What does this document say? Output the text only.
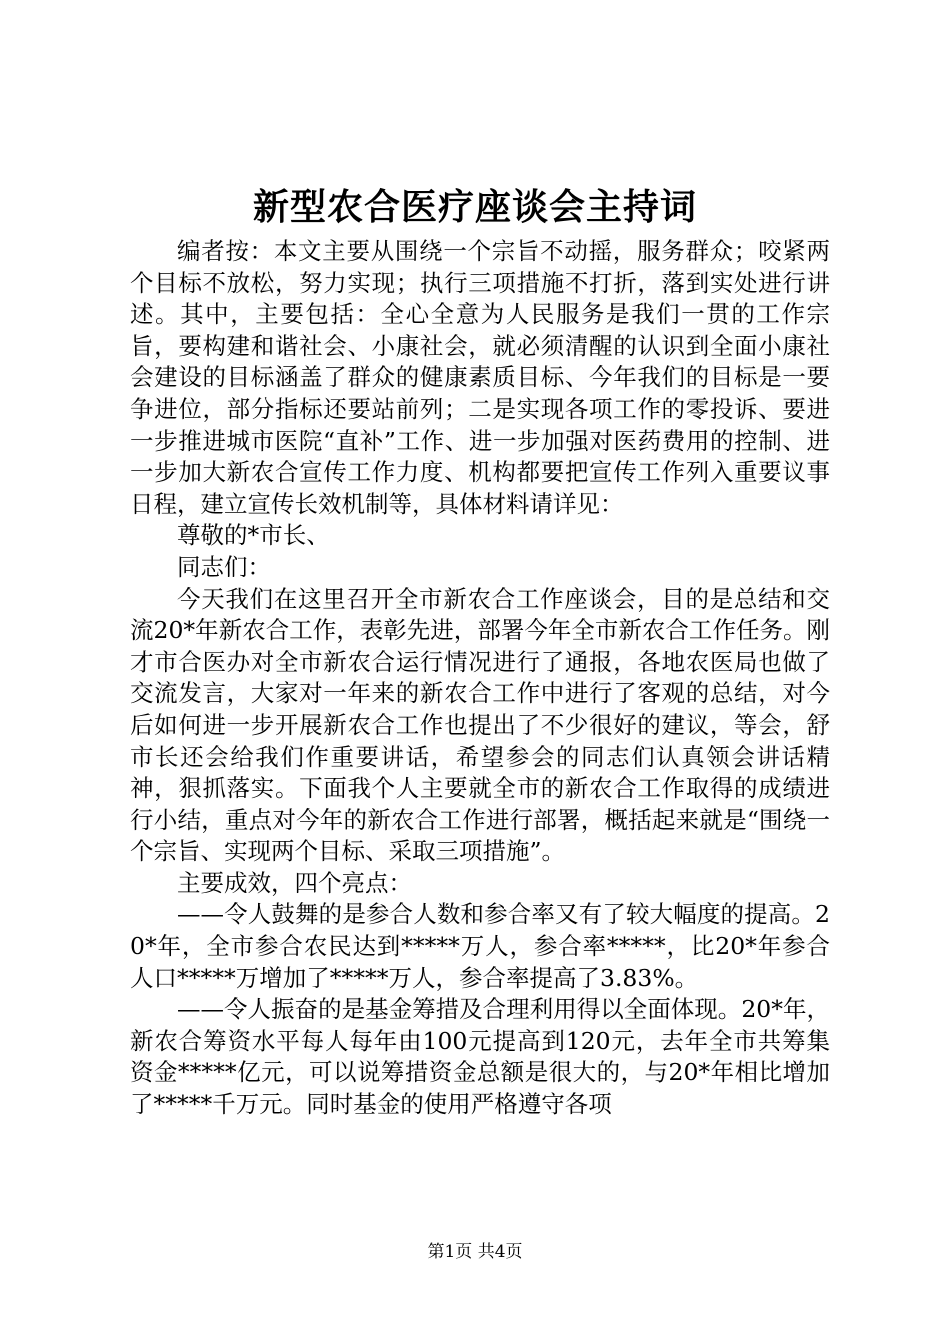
新型农合医疗座谈会主持词

编者按：本文主要从围绕一个宗旨不动摇，服务群众；咬紧两个目标不放松，努力实现；执行三项措施不打折，落到实处进行讲述。其中，主要包括：全心全意为人民服务是我们一贯的工作宗旨，要构建和谐社会、小康社会，就必须清醒的认识到全面小康社会建设的目标涵盖了群众的健康素质目标、今年我们的目标是一要争进位，部分指标还要站前列；二是实现各项工作的零投诉、要进一步推进城市医院“直补”工作、进一步加强对医药费用的控制、进一步加大新农合宣传工作力度、机构都要把宣传工作列入重要议事日程，建立宣传长效机制等，具体材料请详见：

尊敬的*市长、

同志们：

今天我们在这里召开全市新农合工作座谈会，目的是总结和交流20*年新农合工作，表彰先进，部署今年全市新农合工作任务。刚才市合医办对全市新农合运行情况进行了通报，各地农医局也做了交流发言，大家对一年来的新农合工作中进行了客观的总结，对今后如何进一步开展新农合工作也提出了不少很好的建议，等会，舒市长还会给我们作重要讲话，希望参会的同志们认真领会讲话精神，狠抓落实。下面我个人主要就全市的新农合工作取得的成绩进行小结，重点对今年的新农合工作进行部署，概括起来就是“围绕一个宗旨、实现两个目标、采取三项措施”。

主要成效，四个亮点：

——令人鼓舞的是参合人数和参合率又有了较大幅度的提高。20*年，全市参合农民达到*****万人，参合率*****，比20*年参合人口*****万增加了*****万人，参合率提高了3.83%。

——令人振奋的是基金筹措及合理利用得以全面体现。20*年，新农合筹资水平每人每年由100元提高到120元，去年全市共筹集资金*****亿元，可以说筹措资金总额是很大的，与20*年相比增加了*****千万元。同时基金的使用严格遵守各项

第1页 共4页
